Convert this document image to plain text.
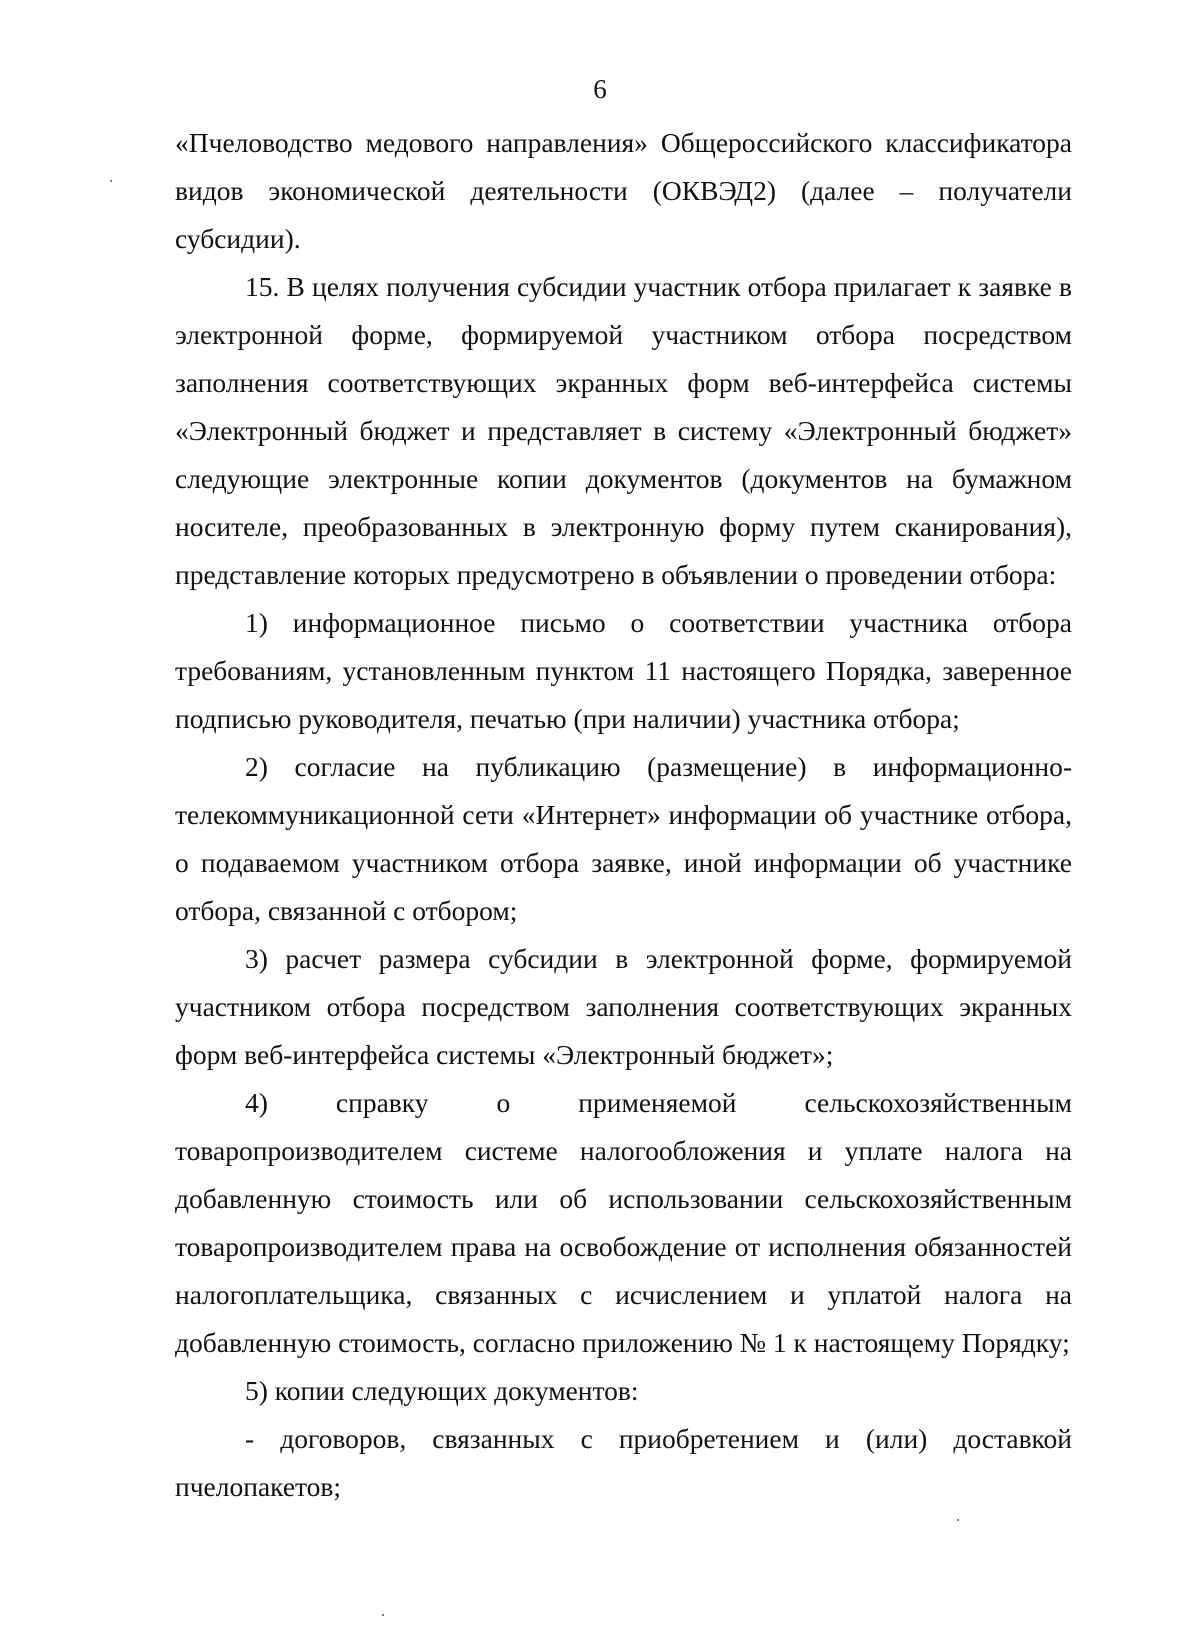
6

«Пчеловодство медового направления» Общероссийского классификатора видов экономической деятельности (ОКВЭД2) (далее – получатели субсидии).

15. В целях получения субсидии участник отбора прилагает к заявке в электронной форме, формируемой участником отбора посредством заполнения соответствующих экранных форм веб-интерфейса системы «Электронный бюджет и представляет в систему «Электронный бюджет» следующие электронные копии документов (документов на бумажном носителе, преобразованных в электронную форму путем сканирования), представление которых предусмотрено в объявлении о проведении отбора:

1) информационное письмо о соответствии участника отбора требованиям, установленным пунктом 11 настоящего Порядка, заверенное подписью руководителя, печатью (при наличии) участника отбора;

2) согласие на публикацию (размещение) в информационно-телекоммуникационной сети «Интернет» информации об участнике отбора, о подаваемом участником отбора заявке, иной информации об участнике отбора, связанной с отбором;

3) расчет размера субсидии в электронной форме, формируемой участником отбора посредством заполнения соответствующих экранных форм веб-интерфейса системы «Электронный бюджет»;

4) справку о применяемой сельскохозяйственным
товаропроизводителем системе налогообложения и уплате налога на добавленную стоимость или об использовании сельскохозяйственным товаропроизводителем права на освобождение от исполнения обязанностей налогоплательщика, связанных с исчислением и уплатой налога на добавленную стоимость, согласно приложению № 1 к настоящему Порядку;

5) копии следующих документов:

- договоров, связанных с приобретением и (или) доставкой пчелопакетов;
